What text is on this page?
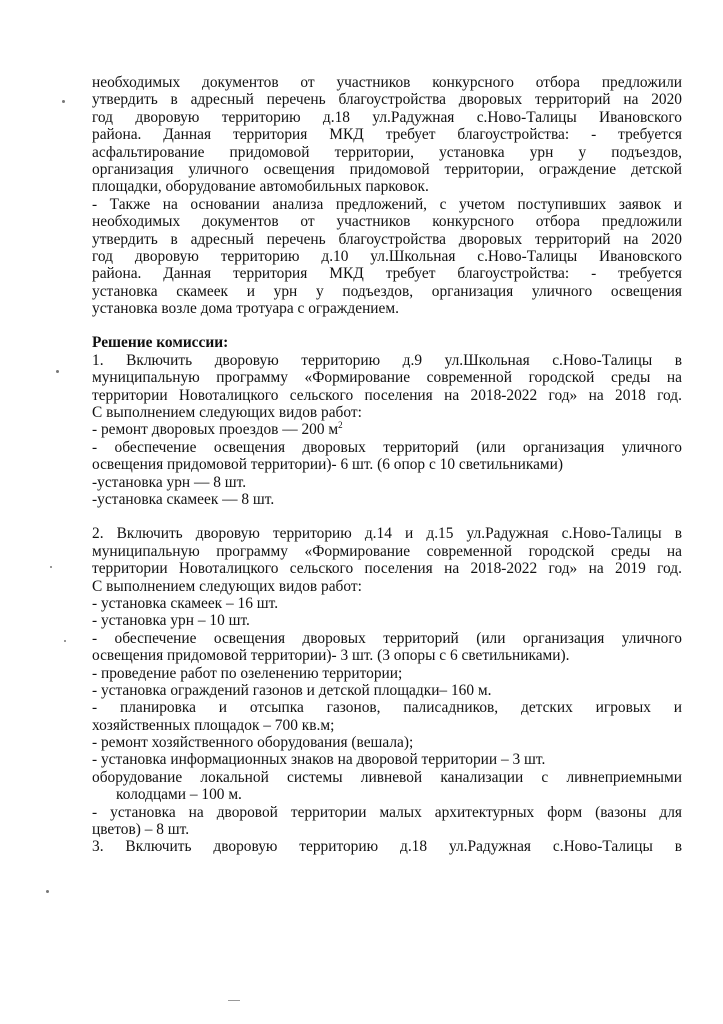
необходимых документов от участников конкурсного отбора предложили
утвердить в адресный перечень благоустройства дворовых территорий на 2020
год дворовую территорию д.18 ул.Радужная с.Ново-Талицы Ивановского
района. Данная территория МКД требует благоустройства: - требуется
асфальтирование придомовой территории, установка урн у подъездов,
организация уличного освещения придомовой территории, ограждение детской
площадки, оборудование автомобильных парковок.
- Также на основании анализа предложений, с учетом поступивших заявок и
необходимых документов от участников конкурсного отбора предложили
утвердить в адресный перечень благоустройства дворовых территорий на 2020
год дворовую территорию д.10 ул.Школьная с.Ново-Талицы Ивановского
района. Данная территория МКД требует благоустройства: - требуется
установка скамеек и урн у подъездов, организация уличного освещения
установка возле дома тротуара с ограждением.
Решение комиссии:
1. Включить дворовую территорию д.9 ул.Школьная с.Ново-Талицы в
муниципальную программу «Формирование современной городской среды на
территории Новоталицкого сельского поселения на 2018-2022 год» на 2018 год.
С выполнением следующих видов работ:
- ремонт дворовых проездов — 200 $м^2$
- обеспечение освещения дворовых территорий (или организация уличного
освещения придомовой территории)- 6 шт. (6 опор с 10 светильниками)
-установка урн — 8 шт.
-установка скамеек — 8 шт.
2. Включить дворовую территорию д.14 и д.15 ул.Радужная с.Ново-Талицы в
муниципальную программу «Формирование современной городской среды на
территории Новоталицкого сельского поселения на 2018-2022 год» на 2019 год.
С выполнением следующих видов работ:
- установка скамеек – 16 шт.
- установка урн – 10 шт.
- обеспечение освещения дворовых территорий (или организация уличного
освещения придомовой территории)- 3 шт. (3 опоры с 6 светильниками).
- проведение работ по озеленению территории;
- установка ограждений газонов и детской площадки– 160 м.
- планировка и отсыпка газонов, палисадников, детских игровых и
хозяйственных площадок – 700 кв.м;
- ремонт хозяйственного оборудования (вешала);
- установка информационных знаков на дворовой территории – 3 шт.
оборудование локальной системы ливневой канализации с ливнеприемными
колодцами – 100 м.
- установка на дворовой территории малых архитектурных форм (вазоны для
цветов) – 8 шт.
3. Включить дворовую территорию д.18 ул.Радужная с.Ново-Талицы в
